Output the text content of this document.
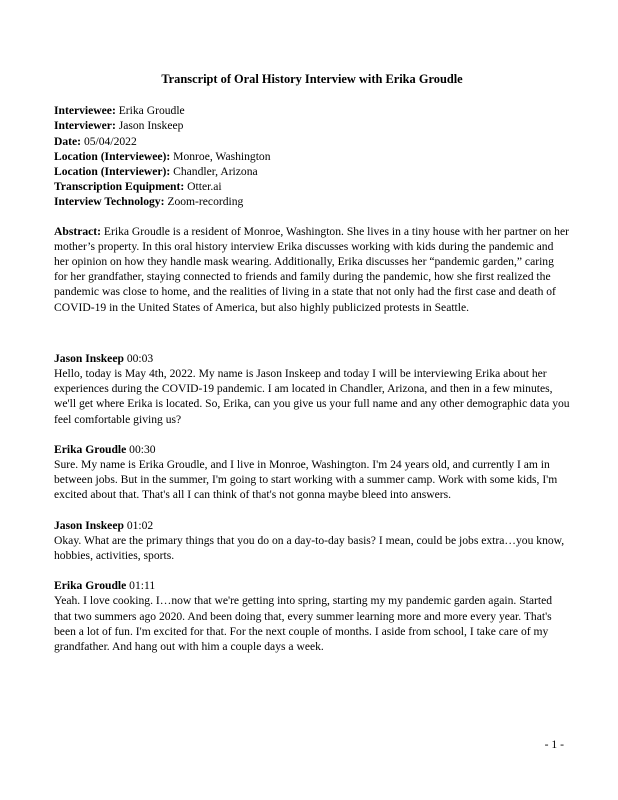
Transcript of Oral History Interview with Erika Groudle
Interviewee: Erika Groudle
Interviewer: Jason Inskeep
Date: 05/04/2022
Location (Interviewee): Monroe, Washington
Location (Interviewer): Chandler, Arizona
Transcription Equipment: Otter.ai
Interview Technology: Zoom-recording
Abstract: Erika Groudle is a resident of Monroe, Washington. She lives in a tiny house with her partner on her mother’s property. In this oral history interview Erika discusses working with kids during the pandemic and her opinion on how they handle mask wearing. Additionally, Erika discusses her “pandemic garden,” caring for her grandfather, staying connected to friends and family during the pandemic, how she first realized the pandemic was close to home, and the realities of living in a state that not only had the first case and death of COVID-19 in the United States of America, but also highly publicized protests in Seattle.
Jason Inskeep 00:03
Hello, today is May 4th, 2022. My name is Jason Inskeep and today I will be interviewing Erika about her experiences during the COVID-19 pandemic. I am located in Chandler, Arizona, and then in a few minutes, we'll get where Erika is located. So, Erika, can you give us your full name and any other demographic data you feel comfortable giving us?
Erika Groudle 00:30
Sure. My name is Erika Groudle, and I live in Monroe, Washington. I'm 24 years old, and currently I am in between jobs. But in the summer, I'm going to start working with a summer camp. Work with some kids, I'm excited about that. That's all I can think of that's not gonna maybe bleed into answers.
Jason Inskeep 01:02
Okay. What are the primary things that you do on a day-to-day basis? I mean, could be jobs extra…you know, hobbies, activities, sports.
Erika Groudle 01:11
Yeah. I love cooking. I…now that we're getting into spring, starting my my pandemic garden again. Started that two summers ago 2020. And been doing that, every summer learning more and more every year. That's been a lot of fun. I'm excited for that. For the next couple of months. I aside from school, I take care of my grandfather. And hang out with him a couple days a week.
- 1 -
